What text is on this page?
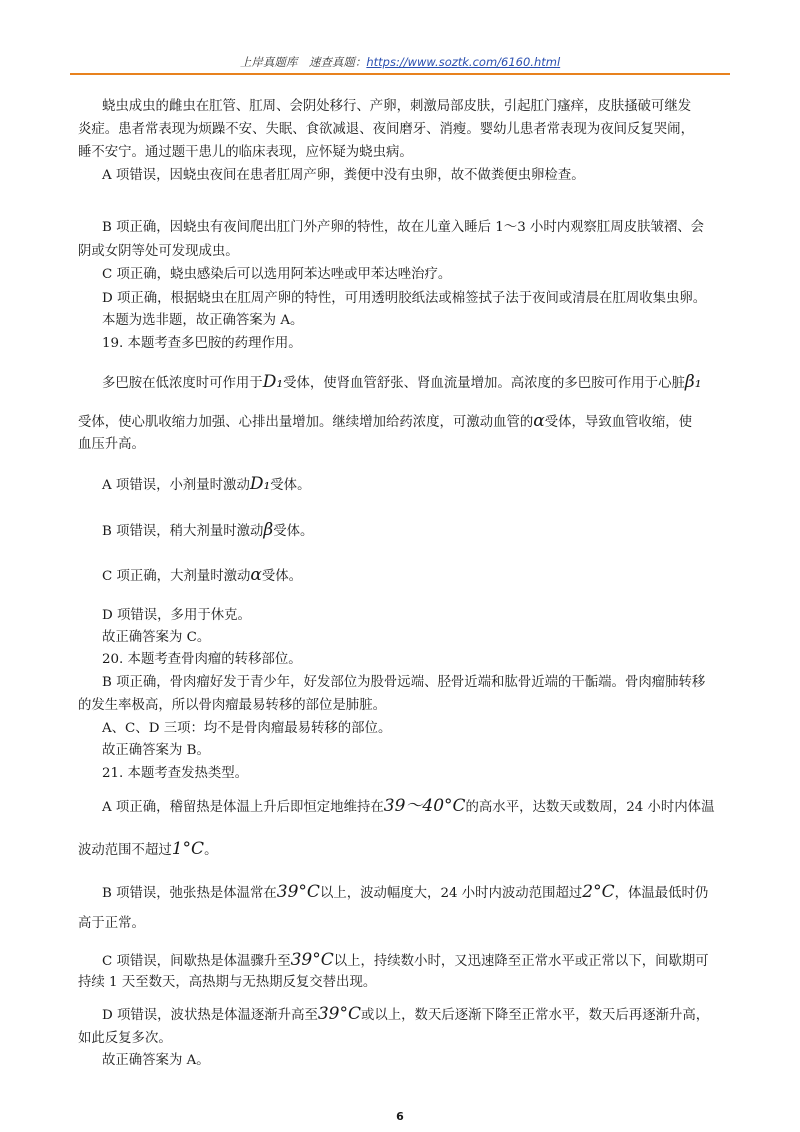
上岸真题库　速查真题：https://www.soztk.com/6160.html
蛲虫成虫的雌虫在肛管、肛周、会阴处移行、产卵，刺激局部皮肤，引起肛门瘙痒，皮肤搔破可继发
炎症。患者常表现为烦躁不安、失眠、食欲减退、夜间磨牙、消瘦。婴幼儿患者常表现为夜间反复哭闹，
睡不安宁。通过题干患儿的临床表现，应怀疑为蛲虫病。
A 项错误，因蛲虫夜间在患者肛周产卵，粪便中没有虫卵，故不做粪便虫卵检查。
B 项正确，因蛲虫有夜间爬出肛门外产卵的特性，故在儿童入睡后 1～3 小时内观察肛周皮肤皱褶、会
阴或女阴等处可发现成虫。
C 项正确，蛲虫感染后可以选用阿苯达唑或甲苯达唑治疗。
D 项正确，根据蛲虫在肛周产卵的特性，可用透明胶纸法或棉签拭子法于夜间或清晨在肛周收集虫卵。
本题为选非题，故正确答案为 A。
19. 本题考查多巴胺的药理作用。
多巴胺在低浓度时可作用于D₁受体，使肾血管舒张、肾血流量增加。高浓度的多巴胺可作用于心脏β₁
受体，使心肌收缩力加强、心排出量增加。继续增加给药浓度，可激动血管的α受体，导致血管收缩，使
血压升高。
A 项错误，小剂量时激动D₁受体。
B 项错误，稍大剂量时激动β受体。
C 项正确，大剂量时激动α受体。
D 项错误，多用于休克。
故正确答案为 C。
20. 本题考查骨肉瘤的转移部位。
B 项正确，骨肉瘤好发于青少年，好发部位为股骨远端、胫骨近端和肱骨近端的干骺端。骨肉瘤肺转移
的发生率极高，所以骨肉瘤最易转移的部位是肺脏。
A、C、D 三项：均不是骨肉瘤最易转移的部位。
故正确答案为 B。
21. 本题考查发热类型。
A 项正确，稽留热是体温上升后即恒定地维持在39～40°C的高水平，达数天或数周，24 小时内体温
波动范围不超过1°C。
B 项错误，弛张热是体温常在39°C以上，波动幅度大，24 小时内波动范围超过2°C，体温最低时仍
高于正常。
C 项错误，间歇热是体温骤升至39°C以上，持续数小时，又迅速降至正常水平或正常以下，间歇期可
持续 1 天至数天，高热期与无热期反复交替出现。
D 项错误，波状热是体温逐渐升高至39°C或以上，数天后逐渐下降至正常水平，数天后再逐渐升高，
如此反复多次。
故正确答案为 A。
6
